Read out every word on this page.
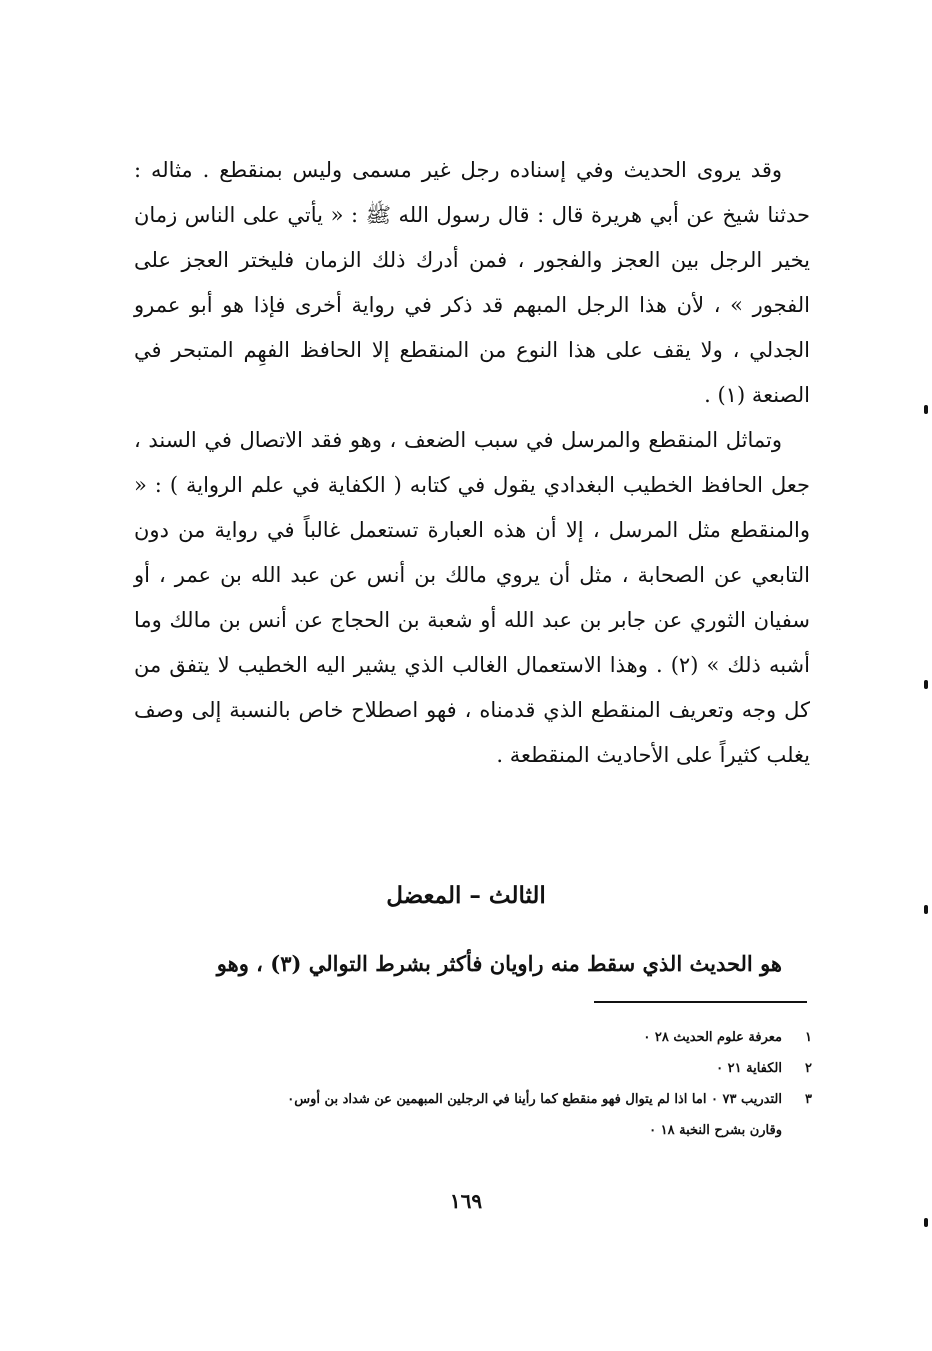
وقد يروى الحديث وفي إسناده رجل غير مسمى وليس بمنقطع . مثاله : حدثنا شيخ عن أبي هريرة قال : قال رسول الله ﷺ : « يأتي على الناس زمان يخير الرجل بين العجز والفجور ، فمن أدرك ذلك الزمان فليختر العجز على الفجور » ، لأن هذا الرجل المبهم قد ذكر في رواية أخرى فإذا هو أبو عمرو الجدلي ، ولا يقف على هذا النوع من المنقطع إلا الحافظ الفهِم المتبحر في الصنعة (١) .

وتماثل المنقطع والمرسل في سبب الضعف ، وهو فقد الاتصال في السند ، جعل الحافظ الخطيب البغدادي يقول في كتابه ( الكفاية في علم الرواية ) : « والمنقطع مثل المرسل ، إلا أن هذه العبارة تستعمل غالباً في رواية من دون التابعي عن الصحابة ، مثل أن يروي مالك بن أنس عن عبد الله بن عمر ، أو سفيان الثوري عن جابر بن عبد الله أو شعبة بن الحجاج عن أنس بن مالك وما أشبه ذلك » (٢) . وهذا الاستعمال الغالب الذي يشير اليه الخطيب لا يتفق من كل وجه وتعريف المنقطع الذي قدمناه ، فهو اصطلاح خاص بالنسبة إلى وصف يغلب كثيراً على الأحاديث المنقطعة .

الثالث – المعضل
هو الحديث الذي سقط منه راويان فأكثر بشرط التوالي (٣) ، وهو
١
معرفة علوم الحديث ٢٨ ٠
٢
الكفاية ٢١ ٠
٣
التدريب ٧٣ ٠ اما اذا لم يتوال فهو منقطع كما رأينا في الرجلين المبهمين عن شداد بن أوس٠
وقارن بشرح النخبة ١٨ ٠
١٦٩
